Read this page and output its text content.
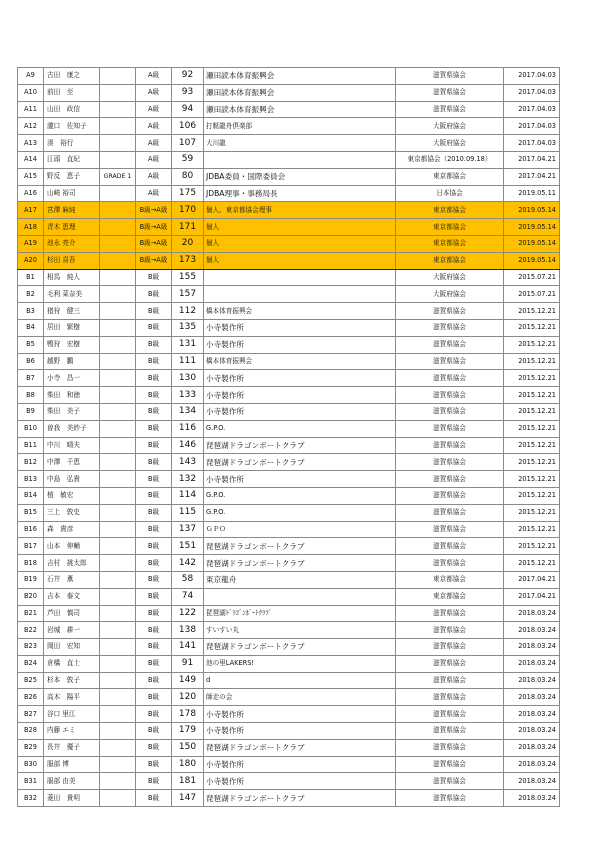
A9	古田　康之		A級	92	瀬田読本体育振興会	滋賀県協会	2017.04.03
A10	前田　至		A級	93	瀬田読本体育振興会	滋賀県協会	2017.04.03
A11	山田　政信		A級	94	瀬田読本体育振興会	滋賀県協会	2017.04.03
A12	瀧口　佐知子		A級	106	打艇龍舟倶楽部	大阪府協会	2017.04.03
A13	湊　裕行		A級	107	大川龍	大阪府協会	2017.04.03
A14	江頭　直紀		A級	59		東京都協会（2010.09.18）	2017.04.21
A15	野反　恵子	GRADE 1	A級	80	JDBA委員・国際委員会	東京都協会	2017.04.21
A16	山崎 裕司		A級	175	JDBA理事・事務局長	日本協会	2019.05.11
A17	宮澤 麻純		B級→A級	170	個人、東京都協会理事	東京都協会	2019.05.14
A18	青木 恵理		B級→A級	171	個人	東京都協会	2019.05.14
A19	池永 亮介		B級→A級	20	個人	東京都協会	2019.05.14
A20	杉田 喜吾		B級→A級	173	個人	東京都協会	2019.05.14
B1	相馬　純人		B級	155		大阪府協会	2015.07.21
B2	毛利 菜奈美		B級	157		大阪府協会	2015.07.21
B3	猪狩　健三		B級	112	橋本体育振興会	滋賀県協会	2015.12.21
B4	居田　繁樹		B級	135	小寺製作所	滋賀県協会	2015.12.21
B5	鴨狩　宏樹		B級	131	小寺製作所	滋賀県協会	2015.12.21
B6	越野　鵬		B級	111	橋本体育振興会	滋賀県協会	2015.12.21
B7	小寺　昌一		B級	130	小寺製作所	滋賀県協会	2015.12.21
B8	柴田　和徳		B級	133	小寺製作所	滋賀県協会	2015.12.21
B9	柴田　美子		B級	134	小寺製作所	滋賀県協会	2015.12.21
B10	曽我　美紗子		B級	116	G.P.O.	滋賀県協会	2015.12.21
B11	中川　晴夫		B級	146	琵琶湖ドラゴンボートクラブ	滋賀県協会	2015.12.21
B12	中澤　千恵		B級	143	琵琶湖ドラゴンボートクラブ	滋賀県協会	2015.12.21
B13	中島　弘貴		B級	132	小寺製作所	滋賀県協会	2015.12.21
B14	植　敏宏		B級	114	G.P.O.	滋賀県協会	2015.12.21
B15	三上　敦史		B級	115	G.P.O.	滋賀県協会	2015.12.21
B16	森　貴彦		B級	137	ＧＰＯ	滋賀県協会	2015.12.21
B17	山本　伸輔		B級	151	琵琶湖ドラゴンボートクラブ	滋賀県協会	2015.12.21
B18	吉村　挑太郎		B級	142	琵琶湖ドラゴンボートクラブ	滋賀県協会	2015.12.21
B19	石井　薫		B級	58	東京龍舟	東京都協会	2017.04.21
B20	吉本　泰文		B級	74		東京都協会	2017.04.21
B21	芦田　慎司		B級	122	琵琶湖ﾄﾞﾗｺﾞﾝﾎﾞｰﾄｸﾗﾌﾞ	滋賀県協会	2018.03.24
B22	岩城　耕一		B級	138	すいすい丸	滋賀県協会	2018.03.24
B23	岡田　宏知		B級	141	琵琶湖ドラゴンボートクラブ	滋賀県協会	2018.03.24
B24	倉橋　直士		B級	91	池の里LAKERS!	滋賀県協会	2018.03.24
B25	杉本　敦子		B級	149	d	滋賀県協会	2018.03.24
B26	高木　陽平		B級	120	師走の会	滋賀県協会	2018.03.24
B27	谷口 里江		B級	178	小寺製作所	滋賀県協会	2018.03.24
B28	内藤 エミ		B級	179	小寺製作所	滋賀県協会	2018.03.24
B29	長井　優子		B級	150	琵琶湖ドラゴンボートクラブ	滋賀県協会	2018.03.24
B30	服部 博		B級	180	小寺製作所	滋賀県協会	2018.03.24
B31	服部 由美		B級	181	小寺製作所	滋賀県協会	2018.03.24
B32	菱田　貴明		B級	147	琵琶湖ドラゴンボートクラブ	滋賀県協会	2018.03.24
